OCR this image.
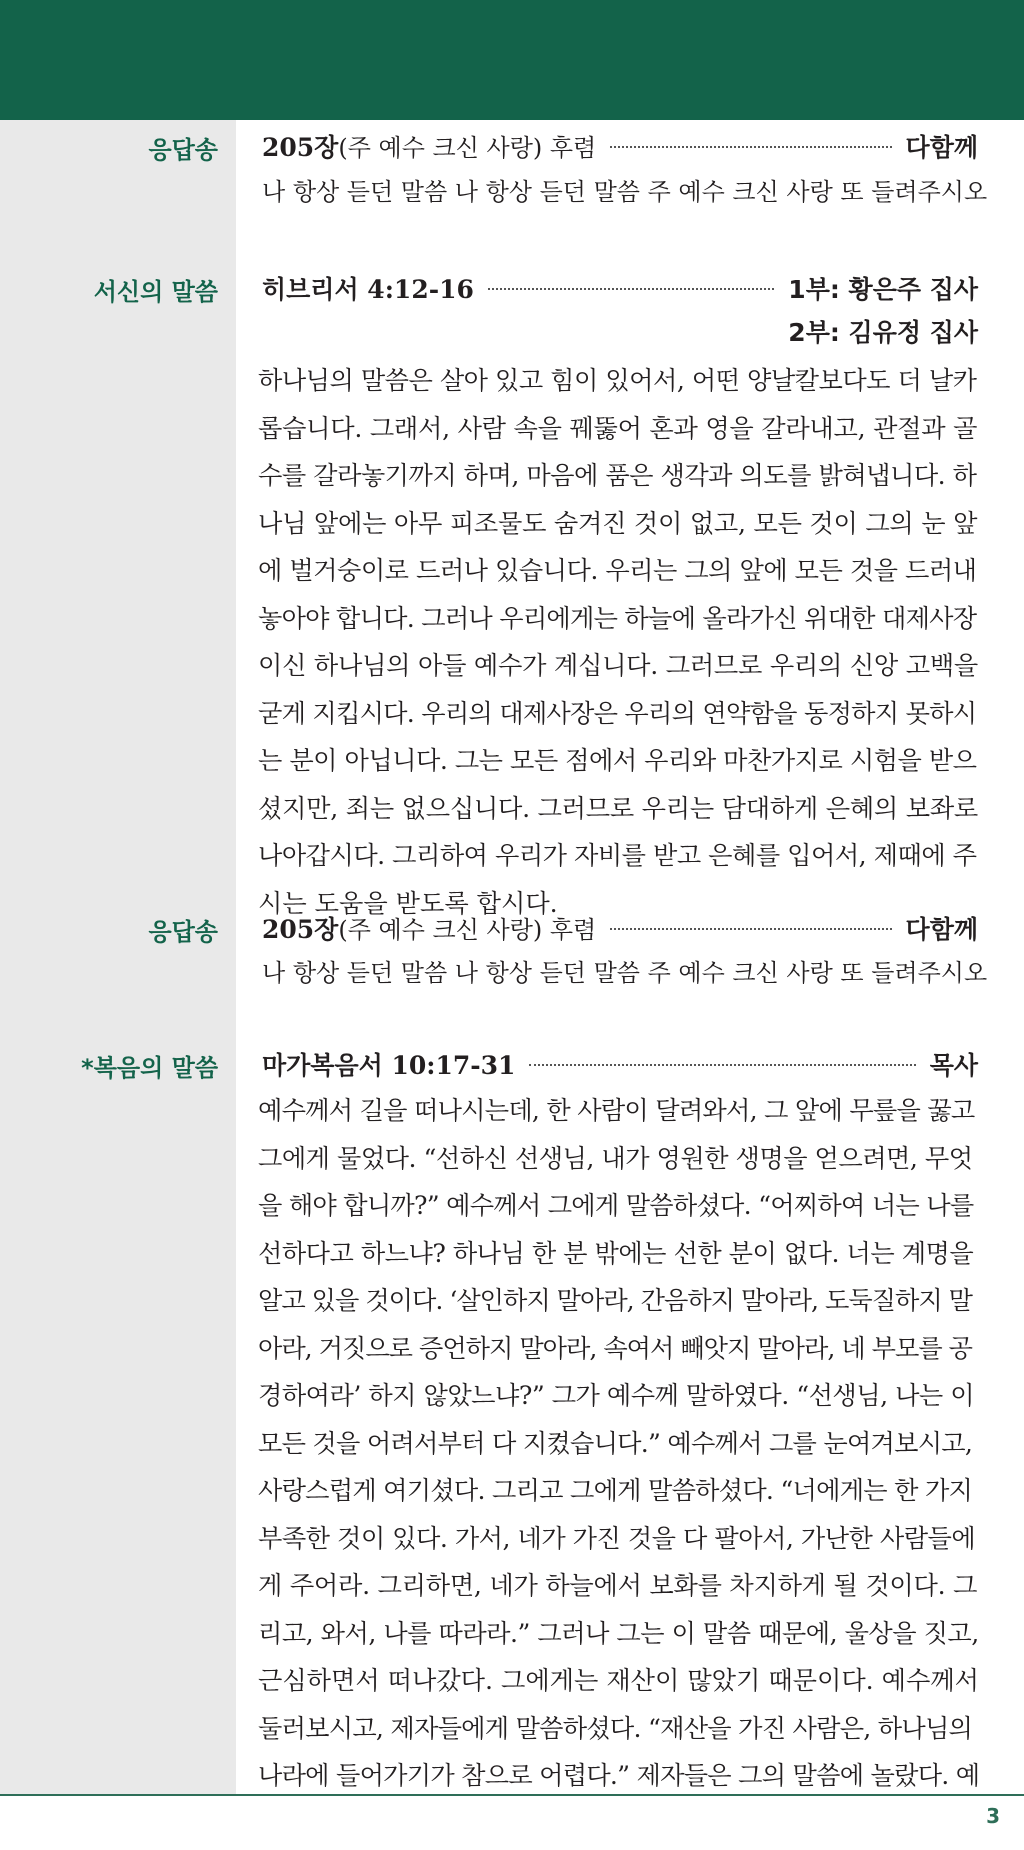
응답송 205장(주 예수 크신 사랑) 후렴	다함께
나 항상 듣던 말씀 나 항상 듣던 말씀 주 예수 크신 사랑 또 들려주시오
서신의 말씀 히브리서 4:12-16	1부: 황은주 집사
2부: 김유정 집사
하나님의 말씀은 살아 있고 힘이 있어서, 어떤 양날칼보다도 더 날카
롭습니다. 그래서, 사람 속을 꿰뚫어 혼과 영을 갈라내고, 관절과 골
수를 갈라놓기까지 하며, 마음에 품은 생각과 의도를 밝혀냅니다. 하
나님 앞에는 아무 피조물도 숨겨진 것이 없고, 모든 것이 그의 눈 앞
에 벌거숭이로 드러나 있습니다. 우리는 그의 앞에 모든 것을 드러내
놓아야 합니다. 그러나 우리에게는 하늘에 올라가신 위대한 대제사장
이신 하나님의 아들 예수가 계십니다. 그러므로 우리의 신앙 고백을
굳게 지킵시다. 우리의 대제사장은 우리의 연약함을 동정하지 못하시
는 분이 아닙니다. 그는 모든 점에서 우리와 마찬가지로 시험을 받으
셨지만, 죄는 없으십니다. 그러므로 우리는 담대하게 은혜의 보좌로
나아갑시다. 그리하여 우리가 자비를 받고 은혜를 입어서, 제때에 주
시는 도움을 받도록 합시다.
응답송 205장(주 예수 크신 사랑) 후렴	다함께
나 항상 듣던 말씀 나 항상 듣던 말씀 주 예수 크신 사랑 또 들려주시오
*복음의 말씀 마가복음서 10:17-31	목사
예수께서 길을 떠나시는데, 한 사람이 달려와서, 그 앞에 무릎을 꿇고
그에게 물었다. “선하신 선생님, 내가 영원한 생명을 얻으려면, 무엇
을 해야 합니까?” 예수께서 그에게 말씀하셨다. “어찌하여 너는 나를
선하다고 하느냐? 하나님 한 분 밖에는 선한 분이 없다. 너는 계명을
알고 있을 것이다. ‘살인하지 말아라, 간음하지 말아라, 도둑질하지 말
아라, 거짓으로 증언하지 말아라, 속여서 빼앗지 말아라, 네 부모를 공
경하여라’ 하지 않았느냐?” 그가 예수께 말하였다. “선생님, 나는 이
모든 것을 어려서부터 다 지켰습니다.” 예수께서 그를 눈여겨보시고,
사랑스럽게 여기셨다. 그리고 그에게 말씀하셨다. “너에게는 한 가지
부족한 것이 있다. 가서, 네가 가진 것을 다 팔아서, 가난한 사람들에
게 주어라. 그리하면, 네가 하늘에서 보화를 차지하게 될 것이다. 그
리고, 와서, 나를 따라라.” 그러나 그는 이 말씀 때문에, 울상을 짓고,
근심하면서 떠나갔다. 그에게는 재산이 많았기 때문이다. 예수께서
둘러보시고, 제자들에게 말씀하셨다. “재산을 가진 사람은, 하나님의
나라에 들어가기가 참으로 어렵다.” 제자들은 그의 말씀에 놀랐다. 예
3
